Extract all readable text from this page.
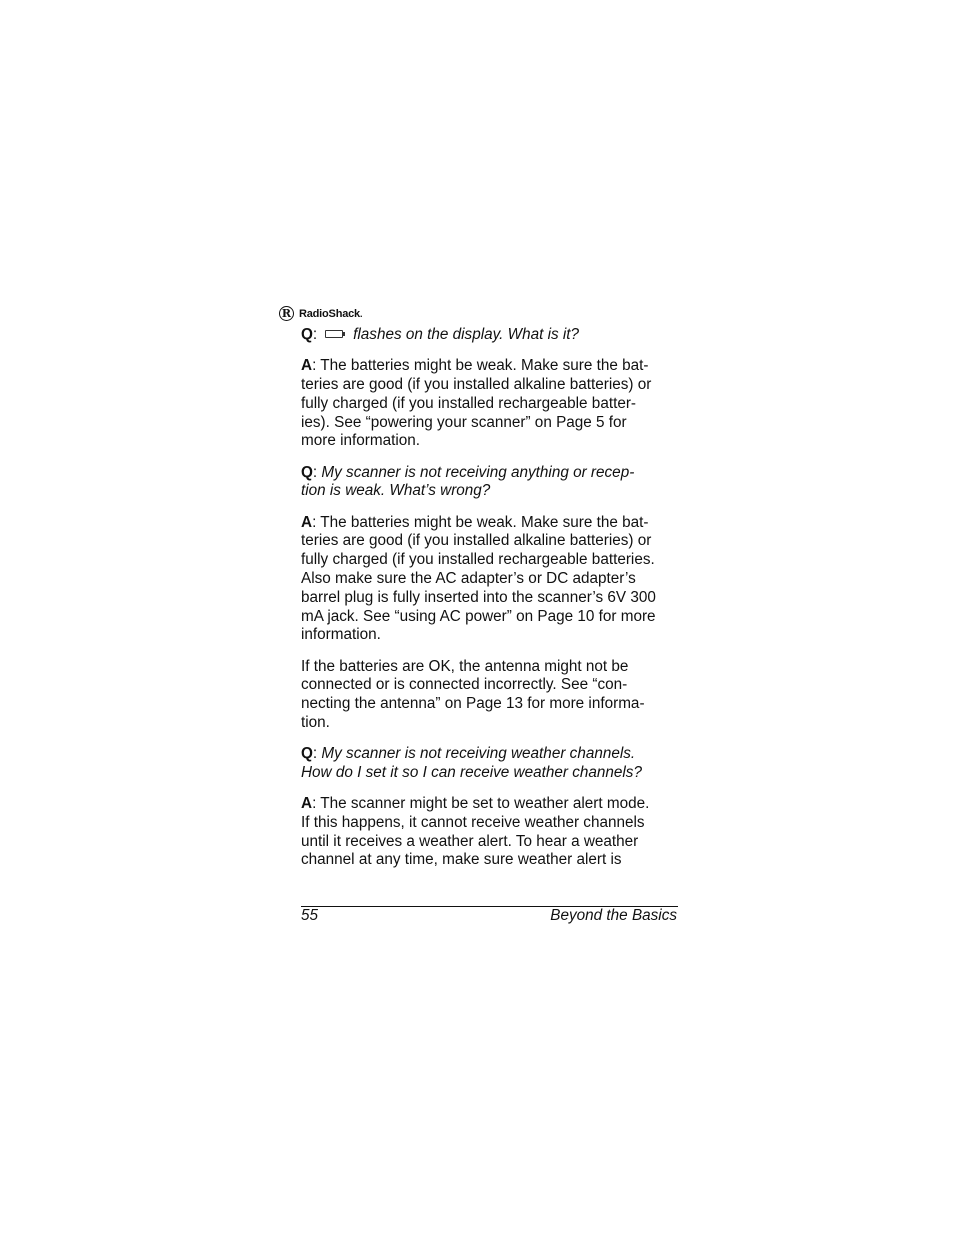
R RadioShack.

Q: flashes on the display. What is it?

A: The batteries might be weak. Make sure the bat-
teries are good (if you installed alkaline batteries) or
fully charged (if you installed rechargeable batter-
ies). See “powering your scanner” on Page 5 for
more information.

Q: My scanner is not receiving anything or recep-
tion is weak. What’s wrong?

A: The batteries might be weak. Make sure the bat-
teries are good (if you installed alkaline batteries) or
fully charged (if you installed rechargeable batteries.
Also make sure the AC adapter’s or DC adapter’s
barrel plug is fully inserted into the scanner’s 6V 300
mA jack. See “using AC power” on Page 10 for more
information.

If the batteries are OK, the antenna might not be
connected or is connected incorrectly. See “con-
necting the antenna” on Page 13 for more informa-
tion.

Q: My scanner is not receiving weather channels.
How do I set it so I can receive weather channels?

A: The scanner might be set to weather alert mode.
If this happens, it cannot receive weather channels
until it receives a weather alert. To hear a weather
channel at any time, make sure weather alert is

55	Beyond the Basics
